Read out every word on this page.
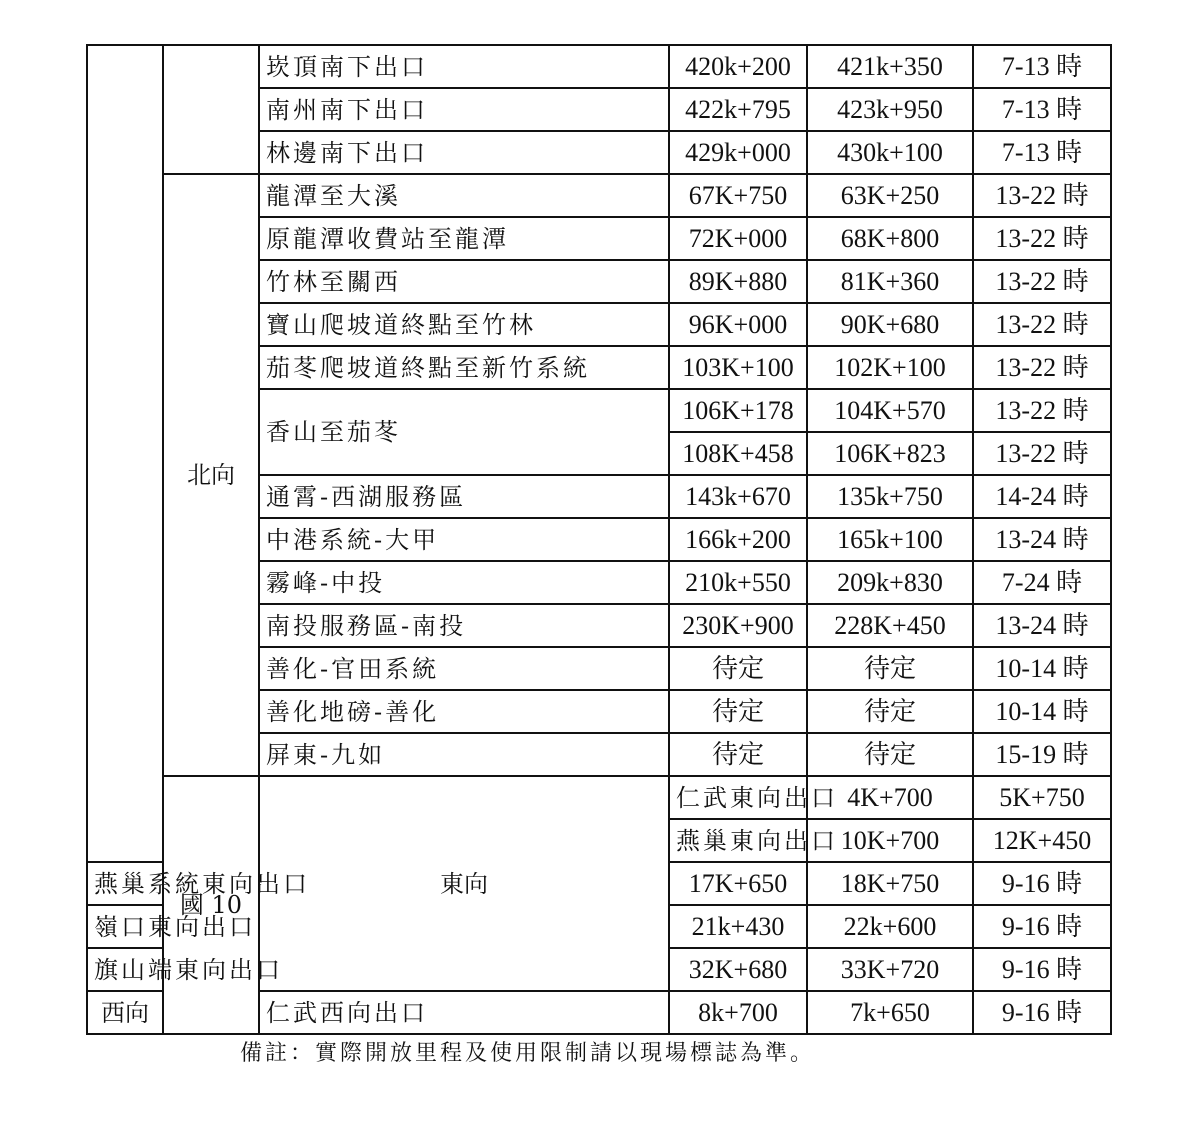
		崁頂南下出口	420k+200	421k+350	7-13 時	
		南州南下出口	422k+795	423k+950	7-13 時	
		林邊南下出口	429k+000	430k+100	7-13 時	
	北向	龍潭至大溪	67K+750	63K+250	13-22 時	
		原龍潭收費站至龍潭	72K+000	68K+800	13-22 時	
		竹林至關西	89K+880	81K+360	13-22 時	
		寶山爬坡道終點至竹林	96K+000	90K+680	13-22 時	
		茄苳爬坡道終點至新竹系統	103K+100	102K+100	13-22 時	
		香山至茄苳	106K+178	104K+570	13-22 時	
			108K+458	106K+823	13-22 時	
		通霄-西湖服務區	143k+670	135k+750	14-24 時	
		中港系統-大甲	166k+200	165k+100	13-24 時	
		霧峰-中投	210k+550	209k+830	7-24 時	
		南投服務區-南投	230K+900	228K+450	13-24 時	
		善化-官田系統	待定	待定	10-14 時	
		善化地磅-善化	待定	待定	10-14 時	
		屏東-九如	待定	待定	15-19 時	
	國 10	東向	仁武東向出口	4K+700	5K+750	
			燕巢東向出口	10K+700	12K+450	
燕巢系統東向出口			17K+650	18K+750	9-16 時	
嶺口東向出口			21k+430	22k+600	9-16 時	
旗山端東向出口			32K+680	33K+720	9-16 時	
西向		仁武西向出口	8k+700	7k+650	9-16 時	
備註：實際開放里程及使用限制請以現場標誌為準。
